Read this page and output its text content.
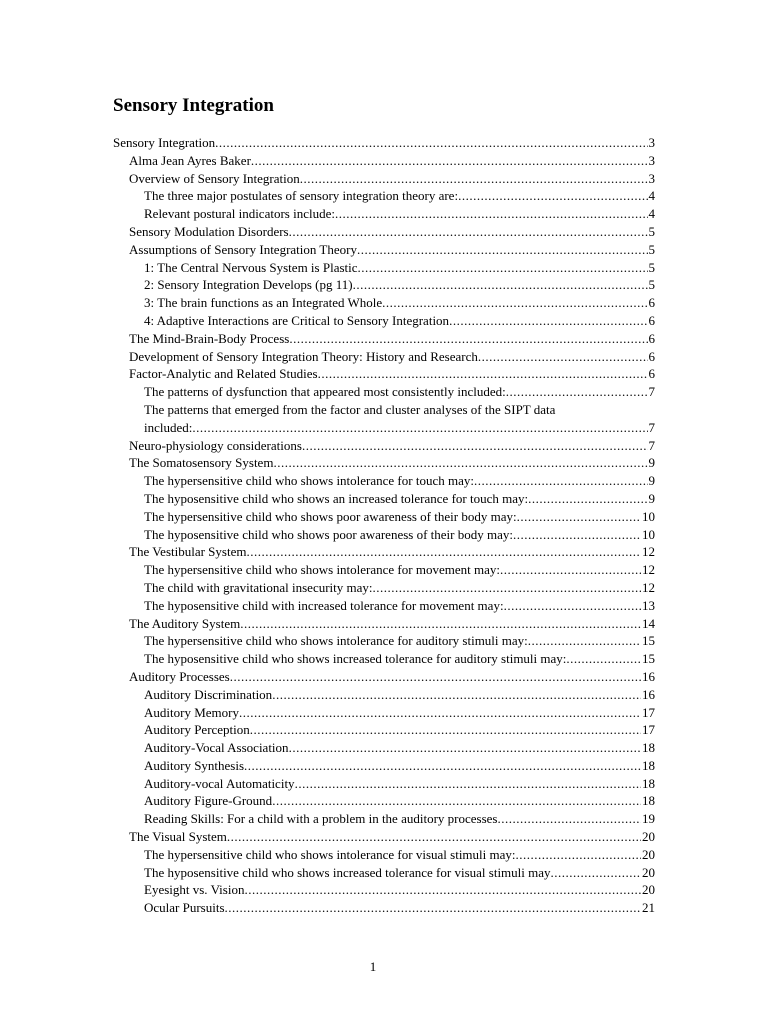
Sensory Integration
Sensory Integration .....	3
Alma Jean Ayres Baker .....	3
Overview of Sensory Integration .....	3
The three major postulates of sensory integration theory are: .....	4
Relevant postural indicators include: .....	4
Sensory Modulation Disorders .....	5
Assumptions of Sensory Integration Theory .....	5
1: The Central Nervous System is Plastic .....	5
2: Sensory Integration Develops (pg 11) .....	5
3: The brain functions as an Integrated Whole .....	6
4: Adaptive Interactions are Critical to Sensory Integration .....	6
The Mind-Brain-Body Process .....	6
Development of Sensory Integration Theory: History and Research .....	6
Factor-Analytic and Related Studies .....	6
The patterns of dysfunction that appeared most consistently included: .....	7
The patterns that emerged from the factor and cluster analyses of the SIPT data
included: .....	7
Neuro-physiology considerations .....	7
The Somatosensory System .....	9
The hypersensitive child who shows intolerance for touch may: .....	9
The hyposensitive child who shows an increased tolerance for touch may: .....	9
The hypersensitive child who shows poor awareness of their body may: .....	10
The hyposensitive child who shows poor awareness of their body may: .....	10
The Vestibular System .....	12
The hypersensitive child who shows intolerance for movement may: .....	12
The child with gravitational insecurity may: .....	12
The hyposensitive child with increased tolerance for movement may: .....	13
The Auditory System .....	14
The hypersensitive child who shows intolerance for auditory stimuli may: .....	15
The hyposensitive child who shows increased tolerance for auditory stimuli may: .....	15
Auditory Processes .....	16
Auditory Discrimination .....	16
Auditory Memory .....	17
Auditory Perception .....	17
Auditory-Vocal Association .....	18
Auditory Synthesis .....	18
Auditory-vocal Automaticity .....	18
Auditory Figure-Ground .....	18
Reading Skills: For a child with a problem in the auditory processes .....	19
The Visual System .....	20
The hypersensitive child who shows intolerance for visual stimuli may: .....	20
The hyposensitive child who shows increased tolerance for visual stimuli may .....	20
Eyesight vs. Vision .....	20
Ocular Pursuits .....	21
1
